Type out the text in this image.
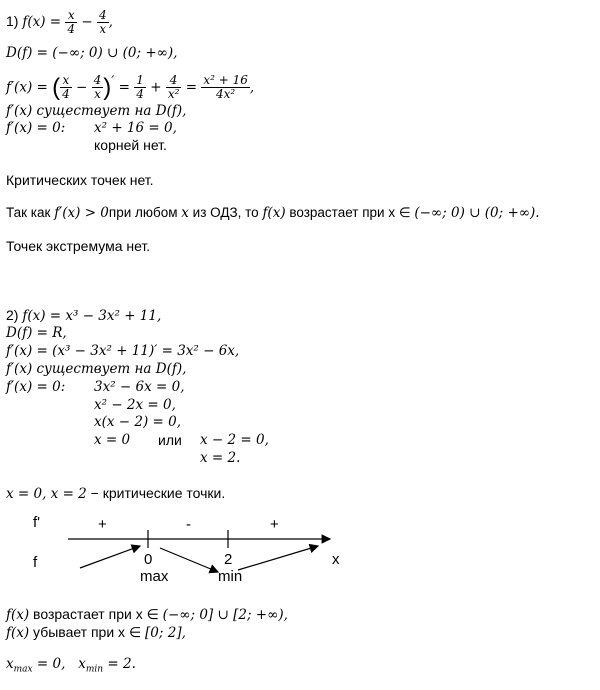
1) $f(x) = \frac{x}{4} - \frac{4}{x}$ ,
D(f) = (−∞; 0) ∪ (0; +∞),
f′(x) = ( $\frac{x}{4} - \frac{4}{x} )' = \frac{1}{4} + \frac{4}{\text{x²}} = \frac{\text{x² + 16}}{\text{4x²}}$ ,
f′(x) существует на D(f),
f′(x) = 0: x² + 16 = 0,
корней нет.
Критических точек нет.
Так как f′(x) > 0при любом x из ОДЗ, то f(x) возрастает при x ∈ (−∞; 0) ∪ (0; +∞).
Точек экстремума нет.
2) f(x) = x³ − 3x² + 11,
D(f) = R,
f′(x) = (x³ − 3x² + 11)′ = 3x² − 6x,
f′(x) существует на D(f),
f′(x) = 0: 3x² − 6x = 0,
x² − 2x = 0,
x(x − 2) = 0,
x = 0 или x − 2 = 0,
x = 2.
x = 0, x = 2 − критические точки.
f'
f
+	-	+
0	2	x
max	min
f(x) возрастает при x ∈ (−∞; 0] ∪ [2; +∞),
f(x) убывает при x ∈ [0; 2],
$x_{max} = 0$, $x_{min} = 2$.
